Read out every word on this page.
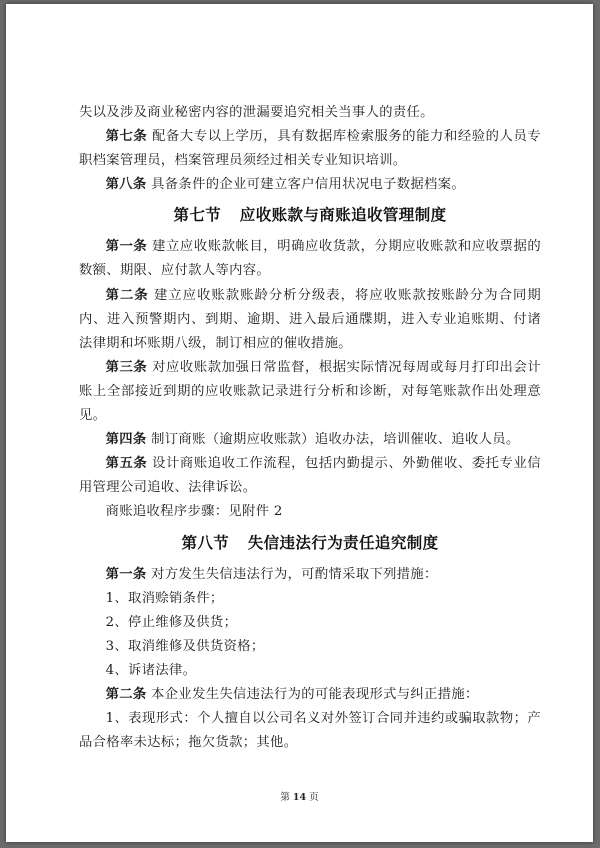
失以及涉及商业秘密内容的泄漏要追究相关当事人的责任。

第七条 配备大专以上学历，具有数据库检索服务的能力和经验的人员专职档案管理员，档案管理员须经过相关专业知识培训。

第八条 具备条件的企业可建立客户信用状况电子数据档案。

第七节 应收账款与商账追收管理制度

第一条 建立应收账款帐目，明确应收货款，分期应收账款和应收票据的数额、期限、应付款人等内容。

第二条 建立应收账款账龄分析分级表，将应收账款按账龄分为合同期内、进入预警期内、到期、逾期、进入最后通牒期，进入专业追账期、付诸法律期和坏账期八级，制订相应的催收措施。

第三条 对应收账款加强日常监督，根据实际情况每周或每月打印出会计账上全部接近到期的应收账款记录进行分析和诊断，对每笔账款作出处理意见。

第四条 制订商账（逾期应收账款）追收办法，培训催收、追收人员。

第五条 设计商账追收工作流程，包括内勤提示、外勤催收、委托专业信用管理公司追收、法律诉讼。

商账追收程序步骤：见附件 2

第八节 失信违法行为责任追究制度

第一条 对方发生失信违法行为，可酌情采取下列措施：

1、取消赊销条件；

2、停止维修及供货；

3、取消维修及供货资格；

4、诉诸法律。

第二条 本企业发生失信违法行为的可能表现形式与纠正措施：

1、表现形式：个人擅自以公司名义对外签订合同并违约或骗取款物；产品合格率未达标；拖欠货款；其他。

第 14 页
